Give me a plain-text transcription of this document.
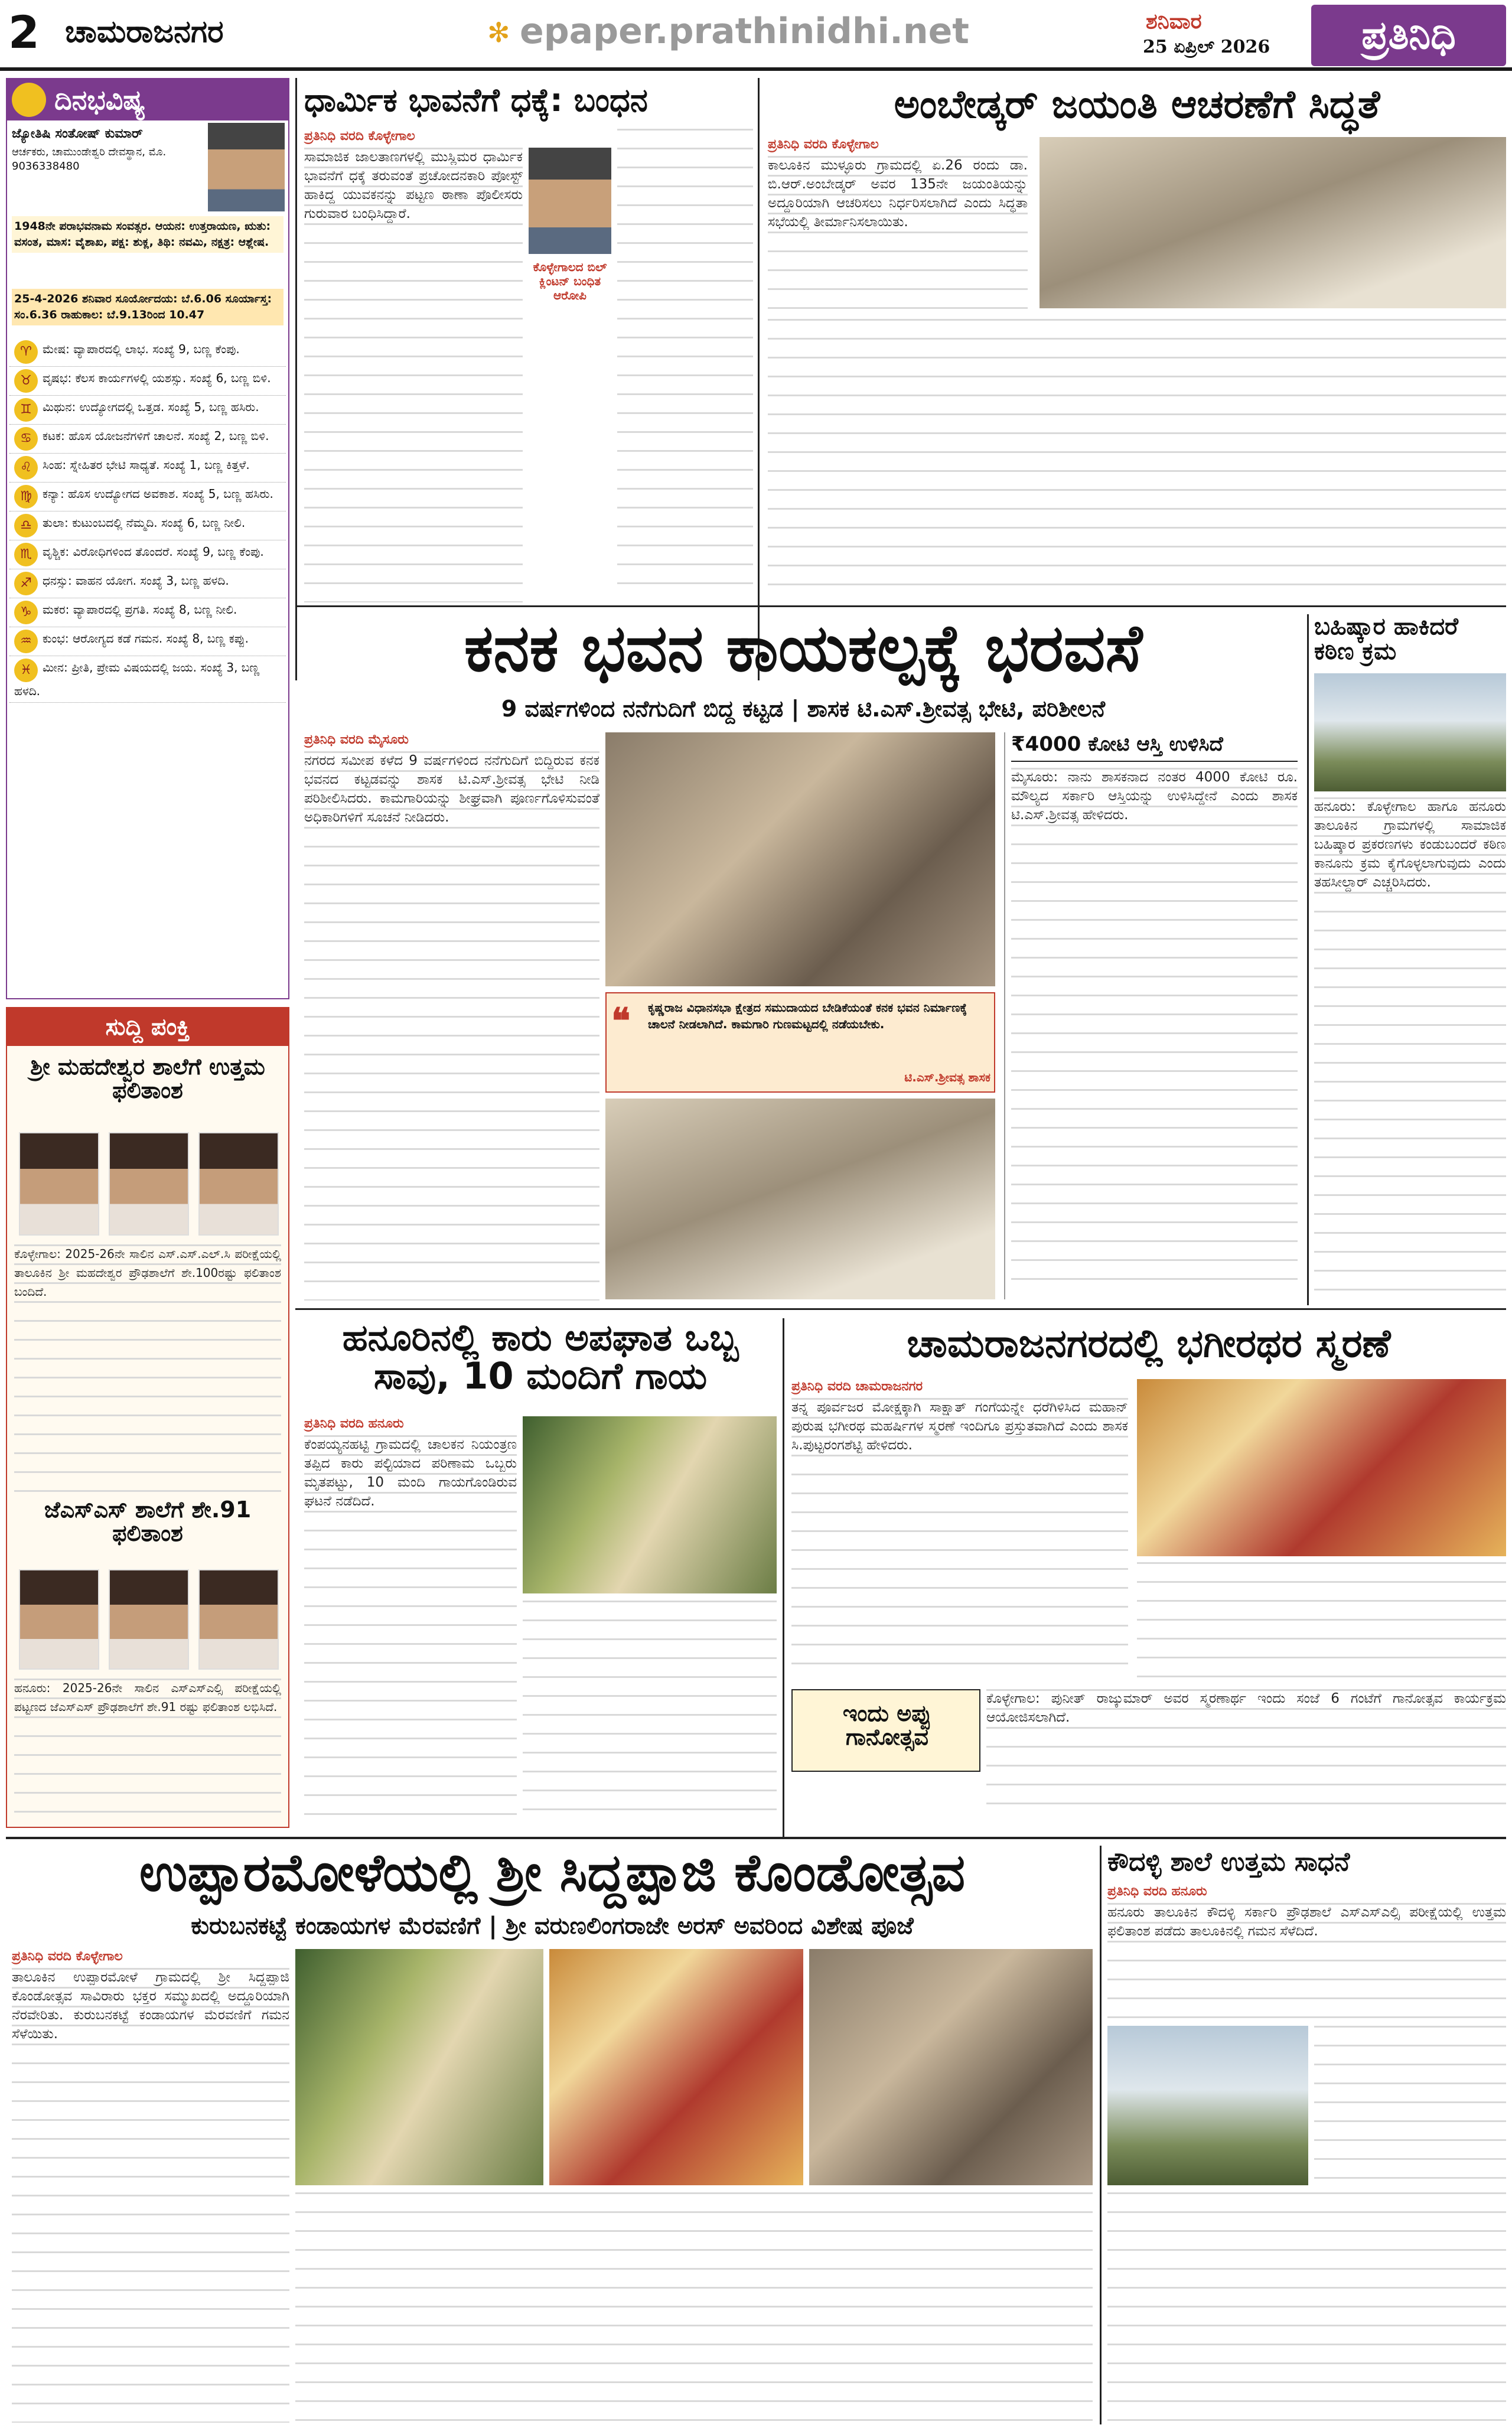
2 ಚಾಮರಾಜನಗರ	✻ epaper.prathinidhi.net	ಶನಿವಾರ
25 ಏಪ್ರಿಲ್ 2026	ಪ್ರತಿನಿಧಿ
ದಿನಭವಿಷ್ಯ
ಜ್ಯೋತಿಷಿ ಸಂತೋಷ್ ಕುಮಾರ್
ಆರ್ಚಕರು, ಚಾಮುಂಡೇಶ್ವರಿ ದೇವಸ್ಥಾನ, ಮೊ. 9036338480
1948ನೇ ಪರಾಭವನಾಮ ಸಂವತ್ಸರ. ಆಯನ: ಉತ್ತರಾಯಣ, ಋತು: ವಸಂತ, ಮಾಸ: ವೈಶಾಖ, ಪಕ್ಷ: ಶುಕ್ಲ, ತಿಥಿ: ನವಮಿ, ನಕ್ಷತ್ರ: ಆಶ್ಲೇಷ.
25-4-2026 ಶನಿವಾರ ಸೂರ್ಯೋದಯ: ಬೆ.6.06 ಸೂರ್ಯಾಸ್ತ: ಸಂ.6.36 ರಾಹುಕಾಲ: ಬೆ.9.13ರಿಂದ 10.47
♈ ಮೇಷ: ವ್ಯಾಪಾರದಲ್ಲಿ ಲಾಭ. ಸಂಖ್ಯೆ 9, ಬಣ್ಣ ಕೆಂಪು.
♉ ವೃಷಭ: ಕೆಲಸ ಕಾರ್ಯಗಳಲ್ಲಿ ಯಶಸ್ಸು. ಸಂಖ್ಯೆ 6, ಬಣ್ಣ ಬಿಳಿ.
♊ ಮಿಥುನ: ಉದ್ಯೋಗದಲ್ಲಿ ಒತ್ತಡ. ಸಂಖ್ಯೆ 5, ಬಣ್ಣ ಹಸಿರು.
♋ ಕಟಕ: ಹೊಸ ಯೋಜನೆಗಳಿಗೆ ಚಾಲನೆ. ಸಂಖ್ಯೆ 2, ಬಣ್ಣ ಬಿಳಿ.
♌ ಸಿಂಹ: ಸ್ನೇಹಿತರ ಭೇಟಿ ಸಾಧ್ಯತೆ. ಸಂಖ್ಯೆ 1, ಬಣ್ಣ ಕಿತ್ತಳೆ.
♍ ಕನ್ಯಾ: ಹೊಸ ಉದ್ಯೋಗದ ಅವಕಾಶ. ಸಂಖ್ಯೆ 5, ಬಣ್ಣ ಹಸಿರು.
♎ ತುಲಾ: ಕುಟುಂಬದಲ್ಲಿ ನೆಮ್ಮದಿ. ಸಂಖ್ಯೆ 6, ಬಣ್ಣ ನೀಲಿ.
♏ ವೃಶ್ಚಿಕ: ವಿರೋಧಿಗಳಿಂದ ತೊಂದರೆ. ಸಂಖ್ಯೆ 9, ಬಣ್ಣ ಕೆಂಪು.
♐ ಧನಸ್ಸು: ವಾಹನ ಯೋಗ. ಸಂಖ್ಯೆ 3, ಬಣ್ಣ ಹಳದಿ.
♑ ಮಕರ: ವ್ಯಾಪಾರದಲ್ಲಿ ಪ್ರಗತಿ. ಸಂಖ್ಯೆ 8, ಬಣ್ಣ ನೀಲಿ.
♒ ಕುಂಭ: ಆರೋಗ್ಯದ ಕಡೆ ಗಮನ. ಸಂಖ್ಯೆ 8, ಬಣ್ಣ ಕಪ್ಪು.
♓ ಮೀನ: ಪ್ರೀತಿ, ಪ್ರೇಮ ವಿಷಯದಲ್ಲಿ ಜಯ. ಸಂಖ್ಯೆ 3, ಬಣ್ಣ ಹಳದಿ.
ಸುದ್ದಿ ಪಂಕ್ತಿ
ಶ್ರೀ ಮಹದೇಶ್ವರ ಶಾಲೆಗೆ ಉತ್ತಮ ಫಲಿತಾಂಶ
ಕೊಳ್ಳೇಗಾಲ: 2025-26ನೇ ಸಾಲಿನ ಎಸ್.ಎಸ್.ಎಲ್.ಸಿ ಪರೀಕ್ಷೆಯಲ್ಲಿ ತಾಲೂಕಿನ ಶ್ರೀ ಮಹದೇಶ್ವರ ಪ್ರೌಢಶಾಲೆಗೆ ಶೇ.100ರಷ್ಟು ಫಲಿತಾಂಶ ಬಂದಿದೆ.
ಜೆಎಸ್ಎಸ್ ಶಾಲೆಗೆ ಶೇ.91 ಫಲಿತಾಂಶ
ಹನೂರು: 2025-26ನೇ ಸಾಲಿನ ಎಸ್ಎಸ್ಎಲ್ಸಿ ಪರೀಕ್ಷೆಯಲ್ಲಿ ಪಟ್ಟಣದ ಜೆಎಸ್ಎಸ್ ಪ್ರೌಢಶಾಲೆಗೆ ಶೇ.91 ರಷ್ಟು ಫಲಿತಾಂಶ ಲಭಿಸಿದೆ.
ಧಾರ್ಮಿಕ ಭಾವನೆಗೆ ಧಕ್ಕೆ: ಬಂಧನ
ಪ್ರತಿನಿಧಿ ವರದಿ ಕೊಳ್ಳೇಗಾಲ
ಸಾಮಾಜಿಕ ಜಾಲತಾಣಗಳಲ್ಲಿ ಮುಸ್ಲಿಮರ ಧಾರ್ಮಿಕ ಭಾವನೆಗೆ ಧಕ್ಕೆ ತರುವಂತೆ ಪ್ರಚೋದನಕಾರಿ ಪೋಸ್ಟ್ ಹಾಕಿದ್ದ ಯುವಕನನ್ನು ಪಟ್ಟಣ ಠಾಣಾ ಪೊಲೀಸರು ಗುರುವಾರ ಬಂಧಿಸಿದ್ದಾರೆ.
ಕೊಳ್ಳೇಗಾಲದ ಬಿಲ್ ಕ್ಲಿಂಟನ್ ಬಂಧಿತ ಆರೋಪಿ
ಅಂಬೇಡ್ಕರ್ ಜಯಂತಿ ಆಚರಣೆಗೆ ಸಿದ್ಧತೆ
ಪ್ರತಿನಿಧಿ ವರದಿ ಕೊಳ್ಳೇಗಾಲ
ಕಾಲೂಕಿನ ಮುಳ್ಳೂರು ಗ್ರಾಮದಲ್ಲಿ ಏ.26 ರಂದು ಡಾ. ಬಿ.ಆರ್.ಅಂಬೇಡ್ಕರ್ ಅವರ 135ನೇ ಜಯಂತಿಯನ್ನು ಅದ್ದೂರಿಯಾಗಿ ಆಚರಿಸಲು ನಿರ್ಧರಿಸಲಾಗಿದೆ ಎಂದು ಸಿದ್ಧತಾ ಸಭೆಯಲ್ಲಿ ತೀರ್ಮಾನಿಸಲಾಯಿತು.
ಕನಕ ಭವನ ಕಾಯಕಲ್ಪಕ್ಕೆ ಭರವಸೆ
9 ವರ್ಷಗಳಿಂದ ನನೆಗುದಿಗೆ ಬಿದ್ದ ಕಟ್ಟಡ | ಶಾಸಕ ಟಿ.ಎಸ್.ಶ್ರೀವತ್ಸ ಭೇಟಿ, ಪರಿಶೀಲನೆ
ಪ್ರತಿನಿಧಿ ವರದಿ ಮೈಸೂರು
ನಗರದ ಸಮೀಪ ಕಳೆದ 9 ವರ್ಷಗಳಿಂದ ನನೆಗುದಿಗೆ ಬಿದ್ದಿರುವ ಕನಕ ಭವನದ ಕಟ್ಟಡವನ್ನು ಶಾಸಕ ಟಿ.ಎಸ್.ಶ್ರೀವತ್ಸ ಭೇಟಿ ನೀಡಿ ಪರಿಶೀಲಿಸಿದರು. ಕಾಮಗಾರಿಯನ್ನು ಶೀಘ್ರವಾಗಿ ಪೂರ್ಣಗೊಳಿಸುವಂತೆ ಅಧಿಕಾರಿಗಳಿಗೆ ಸೂಚನೆ ನೀಡಿದರು.
❝ ಕೃಷ್ಣರಾಜ ವಿಧಾನಸಭಾ ಕ್ಷೇತ್ರದ ಸಮುದಾಯದ ಬೇಡಿಕೆಯಂತೆ ಕನಕ ಭವನ ನಿರ್ಮಾಣಕ್ಕೆ ಚಾಲನೆ ನೀಡಲಾಗಿದೆ. ಕಾಮಗಾರಿ ಗುಣಮಟ್ಟದಲ್ಲಿ ನಡೆಯಬೇಕು.
ಟಿ.ಎಸ್.ಶ್ರೀವತ್ಸ ಶಾಸಕ
₹4000 ಕೋಟಿ ಆಸ್ತಿ ಉಳಿಸಿದೆ
ಮೈಸೂರು: ನಾನು ಶಾಸಕನಾದ ನಂತರ 4000 ಕೋಟಿ ರೂ. ಮೌಲ್ಯದ ಸರ್ಕಾರಿ ಆಸ್ತಿಯನ್ನು ಉಳಿಸಿದ್ದೇನೆ ಎಂದು ಶಾಸಕ ಟಿ.ಎಸ್.ಶ್ರೀವತ್ಸ ಹೇಳಿದರು.
ಬಹಿಷ್ಕಾರ ಹಾಕಿದರೆ ಕಠಿಣ ಕ್ರಮ
ಹನೂರು: ಕೊಳ್ಳೇಗಾಲ ಹಾಗೂ ಹನೂರು ತಾಲೂಕಿನ ಗ್ರಾಮಗಳಲ್ಲಿ ಸಾಮಾಜಿಕ ಬಹಿಷ್ಕಾರ ಪ್ರಕರಣಗಳು ಕಂಡುಬಂದರೆ ಕಠಿಣ ಕಾನೂನು ಕ್ರಮ ಕೈಗೊಳ್ಳಲಾಗುವುದು ಎಂದು ತಹಸೀಲ್ದಾರ್ ಎಚ್ಚರಿಸಿದರು.
ಹನೂರಿನಲ್ಲಿ ಕಾರು ಅಪಘಾತ ಒಬ್ಬ ಸಾವು, 10 ಮಂದಿಗೆ ಗಾಯ
ಪ್ರತಿನಿಧಿ ವರದಿ ಹನೂರು
ಕೆಂಪಯ್ಯನಹಟ್ಟಿ ಗ್ರಾಮದಲ್ಲಿ ಚಾಲಕನ ನಿಯಂತ್ರಣ ತಪ್ಪಿದ ಕಾರು ಪಲ್ಟಿಯಾದ ಪರಿಣಾಮ ಒಬ್ಬರು ಮೃತಪಟ್ಟು, 10 ಮಂದಿ ಗಾಯಗೊಂಡಿರುವ ಘಟನೆ ನಡೆದಿದೆ.
ಚಾಮರಾಜನಗರದಲ್ಲಿ ಭಗೀರಥರ ಸ್ಮರಣೆ
ಪ್ರತಿನಿಧಿ ವರದಿ ಚಾಮರಾಜನಗರ
ತನ್ನ ಪೂರ್ವಜರ ಮೋಕ್ಷಕ್ಕಾಗಿ ಸಾಕ್ಷಾತ್ ಗಂಗೆಯನ್ನೇ ಧರೆಗಿಳಿಸಿದ ಮಹಾನ್ ಪುರುಷ ಭಗೀರಥ ಮಹರ್ಷಿಗಳ ಸ್ಮರಣೆ ಇಂದಿಗೂ ಪ್ರಸ್ತುತವಾಗಿದೆ ಎಂದು ಶಾಸಕ ಸಿ.ಪುಟ್ಟರಂಗಶೆಟ್ಟಿ ಹೇಳಿದರು.
ಇಂದು ಅಪ್ಪು ಗಾನೋತ್ಸವ
ಕೊಳ್ಳೇಗಾಲ: ಪುನೀತ್ ರಾಜ್ಕುಮಾರ್ ಅವರ ಸ್ಮರಣಾರ್ಥ ಇಂದು ಸಂಜೆ 6 ಗಂಟೆಗೆ ಗಾನೋತ್ಸವ ಕಾರ್ಯಕ್ರಮ ಆಯೋಜಿಸಲಾಗಿದೆ.
ಉಪ್ಪಾರಮೋಳೆಯಲ್ಲಿ ಶ್ರೀ ಸಿದ್ದಪ್ಪಾಜಿ ಕೊಂಡೋತ್ಸವ
ಕುರುಬನಕಟ್ಟೆ ಕಂಡಾಯಗಳ ಮೆರವಣಿಗೆ | ಶ್ರೀ ವರುಣಲಿಂಗರಾಜೇ ಅರಸ್ ಅವರಿಂದ ವಿಶೇಷ ಪೂಜೆ
ಪ್ರತಿನಿಧಿ ವರದಿ ಕೊಳ್ಳೇಗಾಲ
ತಾಲೂಕಿನ ಉಪ್ಪಾರಮೋಳೆ ಗ್ರಾಮದಲ್ಲಿ ಶ್ರೀ ಸಿದ್ದಪ್ಪಾಜಿ ಕೊಂಡೋತ್ಸವ ಸಾವಿರಾರು ಭಕ್ತರ ಸಮ್ಮುಖದಲ್ಲಿ ಅದ್ದೂರಿಯಾಗಿ ನೆರವೇರಿತು. ಕುರುಬನಕಟ್ಟೆ ಕಂಡಾಯಗಳ ಮೆರವಣಿಗೆ ಗಮನ ಸೆಳೆಯಿತು.
ಕೌದಳ್ಳಿ ಶಾಲೆ ಉತ್ತಮ ಸಾಧನೆ
ಪ್ರತಿನಿಧಿ ವರದಿ ಹನೂರು
ಹನೂರು ತಾಲೂಕಿನ ಕೌದಳ್ಳಿ ಸರ್ಕಾರಿ ಪ್ರೌಢಶಾಲೆ ಎಸ್ಎಸ್ಎಲ್ಸಿ ಪರೀಕ್ಷೆಯಲ್ಲಿ ಉತ್ತಮ ಫಲಿತಾಂಶ ಪಡೆದು ತಾಲೂಕಿನಲ್ಲಿ ಗಮನ ಸೆಳೆದಿದೆ.
